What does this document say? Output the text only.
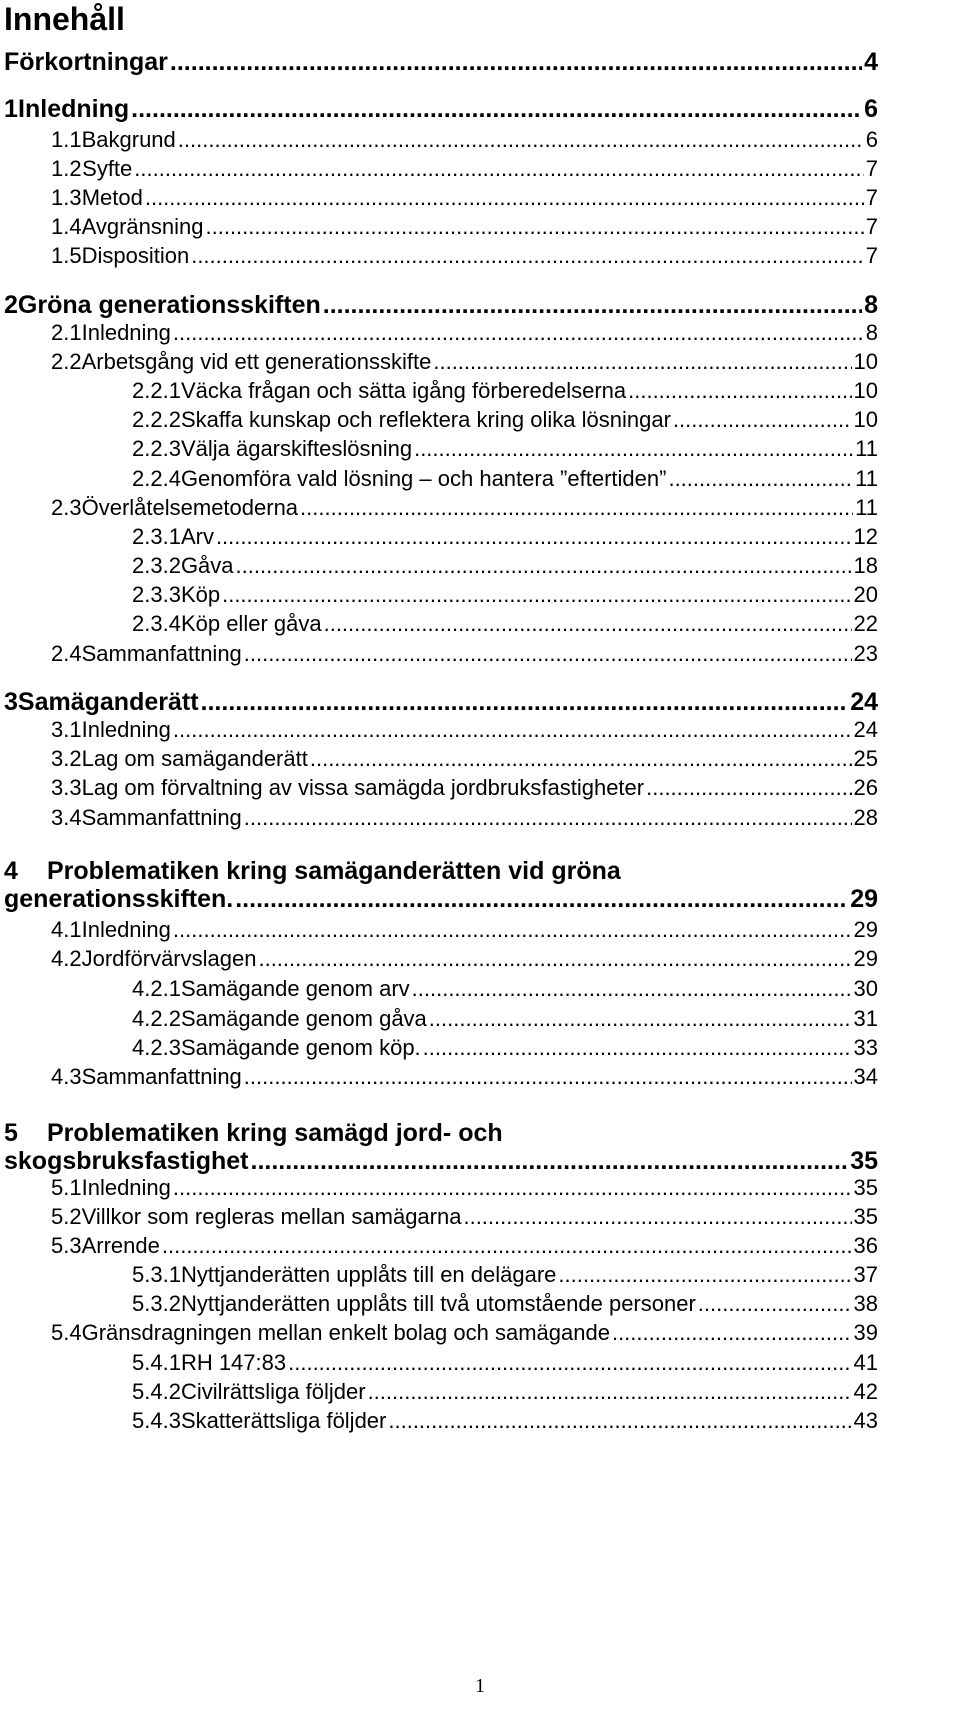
Innehåll
Förkortningar .....	4
1 Inledning .....	6
1.1 Bakgrund .....	6
1.2 Syfte .....	7
1.3 Metod .....	7
1.4 Avgränsning .....	7
1.5 Disposition .....	7
2 Gröna generationsskiften .....	8
2.1 Inledning .....	8
2.2 Arbetsgång vid ett generationsskifte .....	10
2.2.1 Väcka frågan och sätta igång förberedelserna .....	10
2.2.2 Skaffa kunskap och reflektera kring olika lösningar .....	10
2.2.3 Välja ägarskifteslösning .....	11
2.2.4 Genomföra vald lösning – och hantera ”eftertiden” .....	11
2.3 Överlåtelsemetoderna .....	11
2.3.1 Arv .....	12
2.3.2 Gåva .....	18
2.3.3 Köp .....	20
2.3.4 Köp eller gåva .....	22
2.4 Sammanfattning .....	23
3 Samäganderätt .....	24
3.1 Inledning .....	24
3.2 Lag om samäganderätt .....	25
3.3 Lag om förvaltning av vissa samägda jordbruksfastigheter .....	26
3.4 Sammanfattning .....	28
4 Problematiken kring samäganderätten vid gröna
generationsskiften. .....	29
4.1 Inledning .....	29
4.2 Jordförvärvslagen .....	29
4.2.1 Samägande genom arv .....	30
4.2.2 Samägande genom gåva .....	31
4.2.3 Samägande genom köp. .....	33
4.3 Sammanfattning .....	34
5 Problematiken kring samägd jord- och
skogsbruksfastighet .....	35
5.1 Inledning .....	35
5.2 Villkor som regleras mellan samägarna .....	35
5.3 Arrende .....	36
5.3.1 Nyttjanderätten upplåts till en delägare .....	37
5.3.2 Nyttjanderätten upplåts till två utomstående personer .....	38
5.4 Gränsdragningen mellan enkelt bolag och samägande .....	39
5.4.1 RH 147:83 .....	41
5.4.2 Civilrättsliga följder .....	42
5.4.3 Skatterättsliga följder .....	43
1
